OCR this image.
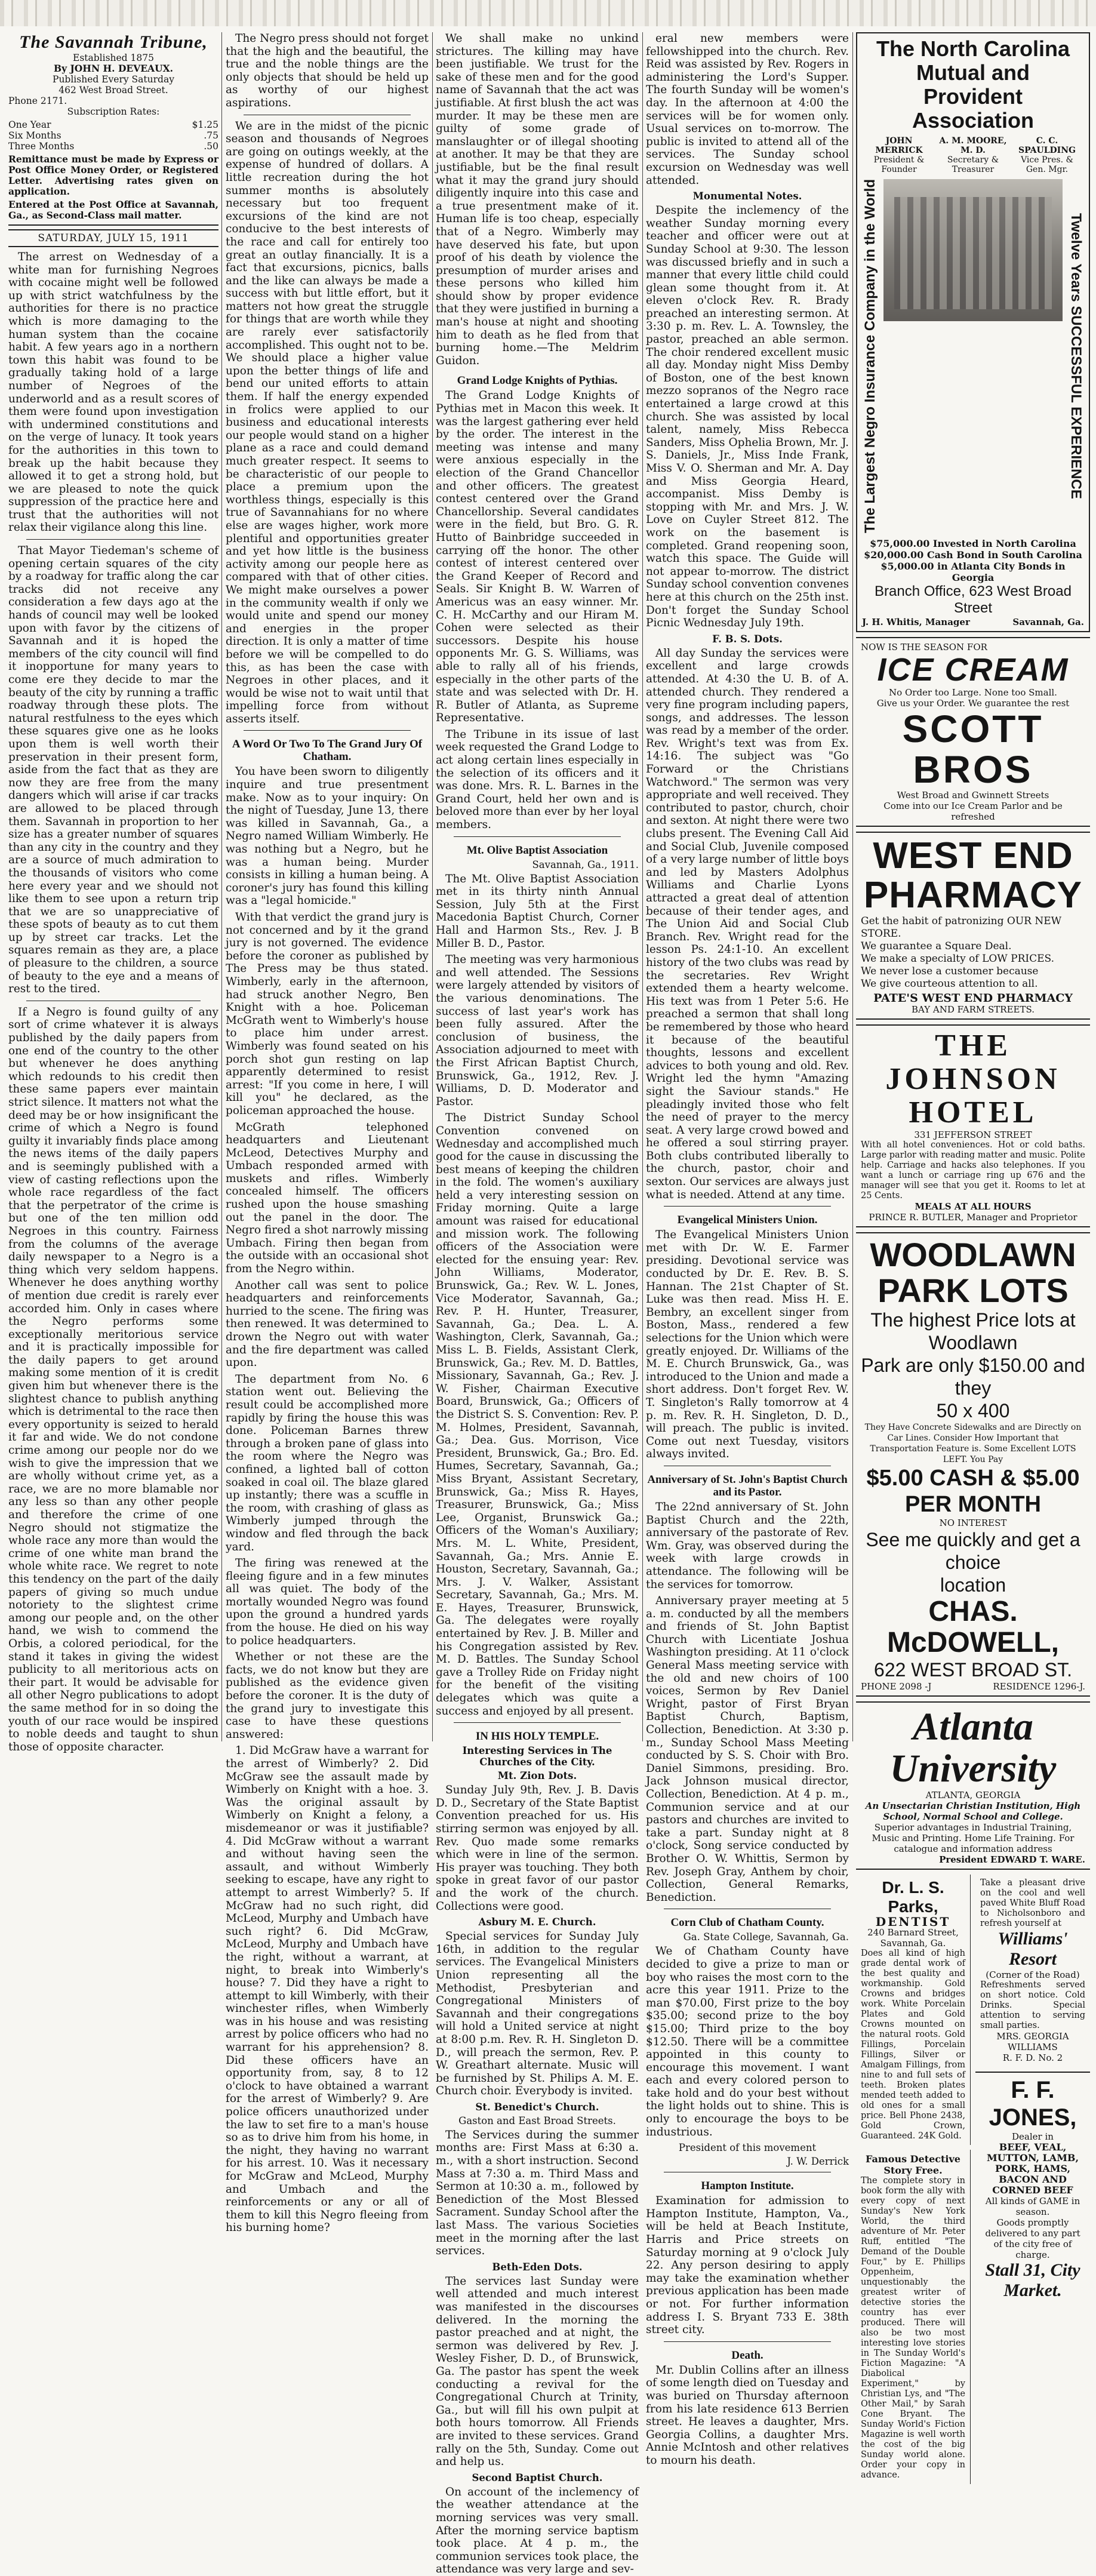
The Savannah Tribune,
Established 1875
By JOHN H. DEVEAUX.
Published Every Saturday
462 West Broad Street.
Phone 2171.
Subscription Rates:
One Year	$1.25
Six Months	.75
Three Months	.50
Remittance must be made by Express or Post Office Money Order, or Registered Letter. Advertising rates given on application.
Entered at the Post Office at Savannah, Ga., as Second-Class mail matter.
SATURDAY, JULY 15, 1911

The arrest on Wednesday of a white man for furnishing Negroes with cocaine might well be followed up with strict watchfulness by the authorities for there is no practice which is more damaging to the human system than the cocaine habit. A few years ago in a northern town this habit was found to be gradually taking hold of a large number of Negroes of the underworld and as a result scores of them were found upon investigation with undermined constitutions and on the verge of lunacy. It took years for the authorities in this town to break up the habit because they allowed it to get a strong hold, but we are pleased to note the quick suppression of the practice here and trust that the authorities will not relax their vigilance along this line.

That Mayor Tiedeman's scheme of opening certain squares of the city by a roadway for traffic along the car tracks did not receive any consideration a few days ago at the hands of council may well be looked upon with favor by the citizens of Savannah and it is hoped the members of the city council will find it inopportune for many years to come ere they decide to mar the beauty of the city by running a traffic roadway through these plots. The natural restfulness to the eyes which these squares give one as he looks upon them is well worth their preservation in their present form, aside from the fact that as they are now they are free from the many dangers which will arise if car tracks are allowed to be placed through them. Savannah in proportion to her size has a greater number of squares than any city in the country and they are a source of much admiration to the thousands of visitors who come here every year and we should not like them to see upon a return trip that we are so unappreciative of these spots of beauty as to cut them up by street car tracks. Let the squares remain as they are, a place of pleasure to the children, a source of beauty to the eye and a means of rest to the tired.

If a Negro is found guilty of any sort of crime whatever it is always published by the daily papers from one end of the country to the other but whenever he does anything which redounds to his credit then these same papers ever maintain strict silence. It matters not what the deed may be or how insignificant the crime of which a Negro is found guilty it invariably finds place among the news items of the daily papers and is seemingly published with a view of casting reflections upon the whole race regardless of the fact that the perpetrator of the crime is but one of the ten million odd Negroes in this country. Fairness from the columns of the average daily newspaper to a Negro is a thing which very seldom happens. Whenever he does anything worthy of mention due credit is rarely ever accorded him. Only in cases where the Negro performs some exceptionally meritorious service and it is practically impossible for the daily papers to get around making some mention of it is credit given him but whenever there is the slightest chance to publish anything which is detrimental to the race then every opportunity is seized to herald it far and wide. We do not condone crime among our people nor do we wish to give the impression that we are wholly without crime yet, as a race, we are no more blamable nor any less so than any other people and therefore the crime of one Negro should not stigmatize the whole race any more than would the crime of one white man brand the whole white race. We regret to note this tendency on the part of the daily papers of giving so much undue notoriety to the slightest crime among our people and, on the other hand, we wish to commend the Orbis, a colored periodical, for the stand it takes in giving the widest publicity to all meritorious acts on their part. It would be advisable for all other Negro publications to adopt the same method for in so doing the youth of our race would be inspired to noble deeds and taught to shun those of opposite character.

The Negro press should not forget that the high and the beautiful, the true and the noble things are the only objects that should be held up as worthy of our highest aspirations.

We are in the midst of the picnic season and thousands of Negroes are going on outings weekly, at the expense of hundred of dollars. A little recreation during the hot summer months is absolutely necessary but too frequent excursions of the kind are not conducive to the best interests of the race and call for entirely too great an outlay financially. It is a fact that excursions, picnics, balls and the like can always be made a success with but little effort, but it matters not how great the struggle for things that are worth while they are rarely ever satisfactorily accomplished. This ought not to be. We should place a higher value upon the better things of life and bend our united efforts to attain them. If half the energy expended in frolics were applied to our business and educational interests our people would stand on a higher plane as a race and could demand much greater respect. It seems to be characteristic of our people to place a premium upon the worthless things, especially is this true of Savannahians for no where else are wages higher, work more plentiful and opportunities greater and yet how little is the business activity among our people here as compared with that of other cities. We might make ourselves a power in the community wealth if only we would unite and spend our money and energies in the proper direction. It is only a matter of time before we will be compelled to do this, as has been the case with Negroes in other places, and it would be wise not to wait until that impelling force from without asserts itself.

A Word Or Two To The Grand Jury Of Chatham.

You have been sworn to diligently inquire and true presentment make. Now as to your inquiry: On the night of Tuesday, June 13, there was killed in Savannah, Ga., a Negro named William Wimberly. He was nothing but a Negro, but he was a human being. Murder consists in killing a human being. A coroner's jury has found this killing was a "legal homicide."

With that verdict the grand jury is not concerned and by it the grand jury is not governed. The evidence before the coroner as published by The Press may be thus stated. Wimberly, early in the afternoon, had struck another Negro, Ben Knight with a hoe. Policeman McGrath went to Wimberly's house to place him under arrest. Wimberly was found seated on his porch shot gun resting on lap apparently determined to resist arrest: "If you come in here, I will kill you" he declared, as the policeman approached the house.

McGrath telephoned headquarters and Lieutenant McLeod, Detectives Murphy and Umbach responded armed with muskets and rifles. Wimberly concealed himself. The officers rushed upon the house smashing out the panel in the door. The Negro fired a shot narrowly missing Umbach. Firing then began from the outside with an occasional shot from the Negro within.

Another call was sent to police headquarters and reinforcements hurried to the scene. The firing was then renewed. It was determined to drown the Negro out with water and the fire department was called upon.

The department from No. 6 station went out. Believing the result could be accomplished more rapidly by firing the house this was done. Policeman Barnes threw through a broken pane of glass into the room where the Negro was confined, a lighted ball of cotton soaked in coal oil. The blaze glared up instantly; there was a scuffle in the room, with crashing of glass as Wimberly jumped through the window and fled through the back yard.

The firing was renewed at the fleeing figure and in a few minutes all was quiet. The body of the mortally wounded Negro was found upon the ground a hundred yards from the house. He died on his way to police headquarters.

Whether or not these are the facts, we do not know but they are published as the evidence given before the coroner. It is the duty of the grand jury to investigate this case to have these questions answered:

1. Did McGraw have a warrant for the arrest of Wimberly? 2. Did McGraw see the assault made by Wimberly on Knight with a hoe. 3. Was the original assault by Wimberly on Knight a felony, a misdemeanor or was it justifiable? 4. Did McGraw without a warrant and without having seen the assault, and without Wimberly seeking to escape, have any right to attempt to arrest Wimberly? 5. If McGraw had no such right, did McLeod, Murphy and Umbach have such right? 6. Did McGraw, McLeod, Murphy and Umbach have the right, without a warrant, at night, to break into Wimberly's house? 7. Did they have a right to attempt to kill Wimberly, with their winchester rifles, when Wimberly was in his house and was resisting arrest by police officers who had no warrant for his apprehension? 8. Did these officers have an opportunity from, say, 8 to 12 o'clock to have obtained a warrant for the arrest of Wimberly? 9. Are police officers unauthorized under the law to set fire to a man's house so as to drive him from his home, in the night, they having no warrant for his arrest. 10. Was it necessary for McGraw and McLeod, Murphy and Umbach and the reinforcements or any or all of them to kill this Negro fleeing from his burning home?

We shall make no unkind strictures. The killing may have been justifiable. We trust for the sake of these men and for the good name of Savannah that the act was justifiable. At first blush the act was murder. It may be these men are guilty of some grade of manslaughter or of illegal shooting at another. It may be that they are justifiable, but be the final result what it may the grand jury should diligently inquire into this case and a true presentment make of it. Human life is too cheap, especially that of a Negro. Wimberly may have deserved his fate, but upon proof of his death by violence the presumption of murder arises and these persons who killed him should show by proper evidence that they were justified in burning a man's house at night and shooting him to death as he fled from that burning home.—The Meldrim Guidon.

Grand Lodge Knights of Pythias.

The Grand Lodge Knights of Pythias met in Macon this week. It was the largest gathering ever held by the order. The interest in the meeting was intense and many were anxious especially in the election of the Grand Chancellor and other officers. The greatest contest centered over the Grand Chancellorship. Several candidates were in the field, but Bro. G. R. Hutto of Bainbridge succeeded in carrying off the honor. The other contest of interest centered over the Grand Keeper of Record and Seals. Sir Knight B. W. Warren of Americus was an easy winner. Mr. C. H. McCarthy and our Hiram M. Cohen were selected as their successors. Despite his house opponents Mr. G. S. Williams, was able to rally all of his friends, especially in the other parts of the state and was selected with Dr. H. R. Butler of Atlanta, as Supreme Representative.

The Tribune in its issue of last week requested the Grand Lodge to act along certain lines especially in the selection of its officers and it was done. Mrs. R. L. Barnes in the Grand Court, held her own and is beloved more than ever by her loyal members.

Mt. Olive Baptist Association
Savannah, Ga., 1911.

The Mt. Olive Baptist Association met in its thirty ninth Annual Session, July 5th at the First Macedonia Baptist Church, Corner Hall and Harmon Sts., Rev. J. B Miller B. D., Pastor.

The meeting was very harmonious and well attended. The Sessions were largely attended by visitors of the various denominations. The success of last year's work has been fully assured. After the conclusion of business, the Association adjourned to meet with the First African Baptist Church, Brunswick, Ga., 1912, Rev. J. Williams, D. D. Moderator and Pastor.

The District Sunday School Convention convened on Wednesday and accomplished much good for the cause in discussing the best means of keeping the children in the fold. The women's auxiliary held a very interesting session on Friday morning. Quite a large amount was raised for educational and mission work. The following officers of the Association were elected for the ensuing year: Rev. John Williams, Moderator, Brunswick, Ga.; Rev. W. L. Jones, Vice Moderator, Savannah, Ga.; Rev. P. H. Hunter, Treasurer, Savannah, Ga.; Dea. L. A. Washington, Clerk, Savannah, Ga.; Miss L. B. Fields, Assistant Clerk, Brunswick, Ga.; Rev. M. D. Battles, Missionary, Savannah, Ga.; Rev. J. W. Fisher, Chairman Executive Board, Brunswick, Ga.; Officers of the District S. S. Convention: Rev. P. M. Holmes, President, Savannah, Ga.; Dea. Gus. Morrison, Vice President, Brunswick, Ga.; Bro. Ed. Humes, Secretary, Savannah, Ga.; Miss Bryant, Assistant Secretary, Brunswick, Ga.; Miss R. Hayes, Treasurer, Brunswick, Ga.; Miss Lee, Organist, Brunswick Ga.; Officers of the Woman's Auxiliary; Mrs. M. L. White, President, Savannah, Ga.; Mrs. Annie E. Houston, Secretary, Savannah, Ga.; Mrs. J. V. Walker, Assistant Secretary, Savannah, Ga.; Mrs. M. E. Hayes, Treasurer, Brunswick, Ga. The delegates were royally entertained by Rev. J. B. Miller and his Congregation assisted by Rev. M. D. Battles. The Sunday School gave a Trolley Ride on Friday night for the benefit of the visiting delegates which was quite a success and enjoyed by all present.

IN HIS HOLY TEMPLE.
Interesting Services in The Churches of the City.
Mt. Zion Dots.

Sunday July 9th, Rev. J. B. Davis D. D., Secretary of the State Baptist Convention preached for us. His stirring sermon was enjoyed by all. Rev. Quo made some remarks which were in line of the sermon. His prayer was touching. They both spoke in great favor of our pastor and the work of the church. Collections were good.

Asbury M. E. Church.

Special services for Sunday July 16th, in addition to the regular services. The Evangelical Ministers Union representing all the Methodist, Presbyterian and Congregational Ministers of Savannah and their congregations will hold a United service at night at 8:00 p.m. Rev. R. H. Singleton D. D., will preach the sermon, Rev. P. W. Greathart alternate. Music will be furnished by St. Philips A. M. E. Church choir. Everybody is invited.

St. Benedict's Church.
Gaston and East Broad Streets.

The Services during the summer months are: First Mass at 6:30 a. m., with a short instruction. Second Mass at 7:30 a. m. Third Mass and Sermon at 10:30 a. m., followed by Benediction of the Most Blessed Sacrament. Sunday School after the last Mass. The various Societies meet in the morning after the last services.

Beth-Eden Dots.

The services last Sunday were well attended and much interest was manifested in the discourses delivered. In the morning the pastor preached and at night, the sermon was delivered by Rev. J. Wesley Fisher, D. D., of Brunswick, Ga. The pastor has spent the week conducting a revival for the Congregational Church at Trinity, Ga., but will fill his own pulpit at both hours tomorrow. All Friends are invited to these services. Grand rally on the 5th, Sunday. Come out and help us.

Second Baptist Church.

On account of the inclemency of the weather attendance at the morning services was very small. After the morning service baptism took place. At 4 p. m., the communion services took place, the attendance was very large and sev-

eral new members were fellowshipped into the church. Rev. Reid was assisted by Rev. Rogers in administering the Lord's Supper. The fourth Sunday will be women's day. In the afternoon at 4:00 the services will be for women only. Usual services on to-morrow. The public is invited to attend all of the services. The Sunday school excursion on Wednesday was well attended.

Monumental Notes.

Despite the inclemency of the weather Sunday morning every teacher and officer were out at Sunday School at 9:30. The lesson was discussed briefly and in such a manner that every little child could glean some thought from it. At eleven o'clock Rev. R. Brady preached an interesting sermon. At 3:30 p. m. Rev. L. A. Townsley, the pastor, preached an able sermon. The choir rendered excellent music all day. Monday night Miss Demby of Boston, one of the best known mezzo sopranos of the Negro race entertained a large crowd at this church. She was assisted by local talent, namely, Miss Rebecca Sanders, Miss Ophelia Brown, Mr. J. S. Daniels, Jr., Miss Inde Frank, Miss V. O. Sherman and Mr. A. Day and Miss Georgia Heard, accompanist. Miss Demby is stopping with Mr. and Mrs. J. W. Love on Cuyler Street 812. The work on the basement is completed. Grand reopening soon, watch this space. The Guide will not appear to-morrow. The district Sunday school convention convenes here at this church on the 25th inst. Don't forget the Sunday School Picnic Wednesday July 19th.

F. B. S. Dots.

All day Sunday the services were excellent and large crowds attended. At 4:30 the U. B. of A. attended church. They rendered a very fine program including papers, songs, and addresses. The lesson was read by a member of the order. Rev. Wright's text was from Ex. 14:16. The subject was "Go Forward or the Christians Watchword." The sermon was very appropriate and well received. They contributed to pastor, church, choir and sexton. At night there were two clubs present. The Evening Call Aid and Social Club, Juvenile composed of a very large number of little boys and led by Masters Adolphus Williams and Charlie Lyons attracted a great deal of attention because of their tender ages, and The Union Aid and Social Club Branch. Rev. Wright read for the lesson Ps. 24:1-10. An excellent history of the two clubs was read by the secretaries. Rev Wright extended them a hearty welcome. His text was from 1 Peter 5:6. He preached a sermon that shall long be remembered by those who heard it because of the beautiful thoughts, lessons and excellent advices to both young and old. Rev. Wright led the hymn "Amazing sight the Saviour stands." He pleadingly invited those who felt the need of prayer to the mercy seat. A very large crowd bowed and he offered a soul stirring prayer. Both clubs contributed liberally to the church, pastor, choir and sexton. Our services are always just what is needed. Attend at any time.

Evangelical Ministers Union.

The Evangelical Ministers Union met with Dr. W. E. Farmer presiding. Devotional service was conducted by Dr. E. Rev. B. S. Hannan. The 21st Chapter of St. Luke was then read. Miss H. E. Bembry, an excellent singer from Boston, Mass., rendered a few selections for the Union which were greatly enjoyed. Dr. Williams of the M. E. Church Brunswick, Ga., was introduced to the Union and made a short address. Don't forget Rev. W. T. Singleton's Rally tomorrow at 4 p. m. Rev. R. H. Singleton, D. D., will preach. The public is invited. Come out next Tuesday, visitors always invited.

Anniversary of St. John's Baptist Church and its Pastor.

The 22nd anniversary of St. John Baptist Church and the 22th, anniversary of the pastorate of Rev. Wm. Gray, was observed during the week with large crowds in attendance. The following will be the services for tomorrow.

Anniversary prayer meeting at 5 a. m. conducted by all the members and friends of St. John Baptist Church with Licentiate Joshua Washington presiding. At 11 o'clock General Mass meeting service with the old and new choirs of 100 voices, Sermon by Rev Daniel Wright, pastor of First Bryan Baptist Church, Baptism, Collection, Benediction. At 3:30 p. m., Sunday School Mass Meeting conducted by S. S. Choir with Bro. Daniel Simmons, presiding. Bro. Jack Johnson musical director, Collection, Benediction. At 4 p. m., Communion service and at our pastors and churches are invited to take a part. Sunday night at 8 o'clock, Song service conducted by Brother O. W. Whittis, Sermon by Rev. Joseph Gray, Anthem by choir, Collection, General Remarks, Benediction.

Corn Club of Chatham County.
Ga. State College, Savannah, Ga.

We of Chatham County have decided to give a prize to man or boy who raises the most corn to the acre this year 1911. Prize to the man $70.00, First prize to the boy $35.00; second prize to the boy $15.00; Third prize to the boy $12.50. There will be a committee appointed in this county to encourage this movement. I want each and every colored person to take hold and do your best without the light holds out to shine. This is only to encourage the boys to be industrious.

President of this movement
J. W. Derrick
Hampton Institute.

Examination for admission to Hampton Institute, Hampton, Va., will be held at Beach Institute, Harris and Price streets on Saturday morning at 9 o'clock July 22. Any person desiring to apply may take the examination whether previous application has been made or not. For further information address I. S. Bryant 733 E. 38th street city.

Death.

Mr. Dublin Collins after an illness of some length died on Tuesday and was buried on Thursday afternoon from his late residence 613 Berrien street. He leaves a daughter, Mrs. Georgia Collins, a daughter Mrs. Annie McIntosh and other relatives to mourn his death.

The North Carolina Mutual and
Provident Association
JOHN MERRICK
President & Founder
A. M. MOORE, M. D.
Secretary & Treasurer
C. C. SPAULDING
Vice Pres. & Gen. Mgr.
The Largest Negro Insurance Company in the World	Twelve Years SUCCESSFUL EXPERIENCE
$75,000.00 Invested in North Carolina
$20,000.00 Cash Bond in South Carolina
$5,000.00 in Atlanta City Bonds in Georgia
Branch Office, 623 West Broad Street
J. H. Whitis, Manager	Savannah, Ga.
NOW IS THE SEASON FOR
ICE CREAM
No Order too Large. None too Small.
Give us your Order. We guarantee the rest
SCOTT BROS
West Broad and Gwinnett Streets
Come into our Ice Cream Parlor and be refreshed
WEST END PHARMACY
Get the habit of patronizing OUR NEW STORE.
We guarantee a Square Deal.
We make a specialty of LOW PRICES.
We never lose a customer because
We give courteous attention to all.
PATE'S WEST END PHARMACY
BAY AND FARM STREETS.
THE JOHNSON HOTEL
331 JEFFERSON STREET
With all hotel conveniences. Hot or cold baths. Large parlor with reading matter and music. Polite help. Carriage and hacks also telephones. If you want a lunch or carriage ring up 676 and the manager will see that you get it. Rooms to let at 25 Cents.
MEALS AT ALL HOURS
PRINCE R. BUTLER, Manager and Proprietor
WOODLAWN PARK LOTS
The highest Price lots at Woodlawn
Park are only $150.00 and they
50 x 400
They Have Concrete Sidewalks and are Directly on Car Lines. Consider How Important that Transportation Feature is. Some Excellent LOTS LEFT. You Pay
$5.00 CASH & $5.00 PER MONTH
NO INTEREST
See me quickly and get a choice
location
CHAS. McDOWELL,
622 WEST BROAD ST.
PHONE 2098 -J	RESIDENCE 1296-J.
Atlanta University
ATLANTA, GEORGIA
An Unsectarian Christian Institution, High School, Normal School and College.
Superior advantages in Industrial Training, Music and Printing. Home Life Training. For catalogue and information address
President EDWARD T. WARE.
Dr. L. S. Parks,
DENTIST
240 Barnard Street,
Savannah, Ga.
Does all kind of high grade dental work of the best quality and workmanship. Gold Crowns and bridges work. White Porcelain Plates and Gold Crowns mounted on the natural roots. Gold Fillings, Porcelain Fillings, Silver or Amalgam Fillings, from nine to and full sets of teeth. Broken plates mended teeth added to old ones for a small price. Bell Phone 2438, Gold Crown, Guaranteed. 24K Gold.
Famous Detective Story Free.
The complete story in book form the ally with every copy of next Sunday's New York World, the third adventure of Mr. Peter Ruff, entitled "The Demand of the Double Four," by E. Phillips Oppenheim, unquestionably the greatest writer of detective stories the country has ever produced. There will also be two most interesting love stories in The Sunday World's Fiction Magazine: "A Diabolical Experiment," by Christian Lys, and "The Other Mail," by Sarah Cone Bryant. The Sunday World's Fiction Magazine is well worth the cost of the big Sunday world alone. Order your copy in advance.
Take a pleasant drive on the cool and well paved White Bluff Road to Nicholsonboro and refresh yourself at
Williams' Resort
(Corner of the Road)
Refreshments served on short notice. Cold Drinks. Special attention to serving small parties.
MRS. GEORGIA WILLIAMS
R. F. D. No. 2
F. F. JONES,
Dealer in
BEEF, VEAL, MUTTON, LAMB, PORK, HAMS, BACON AND CORNED BEEF
All kinds of GAME in season.
Goods promptly delivered to any part of the city free of charge.
Stall 31, City Market.
